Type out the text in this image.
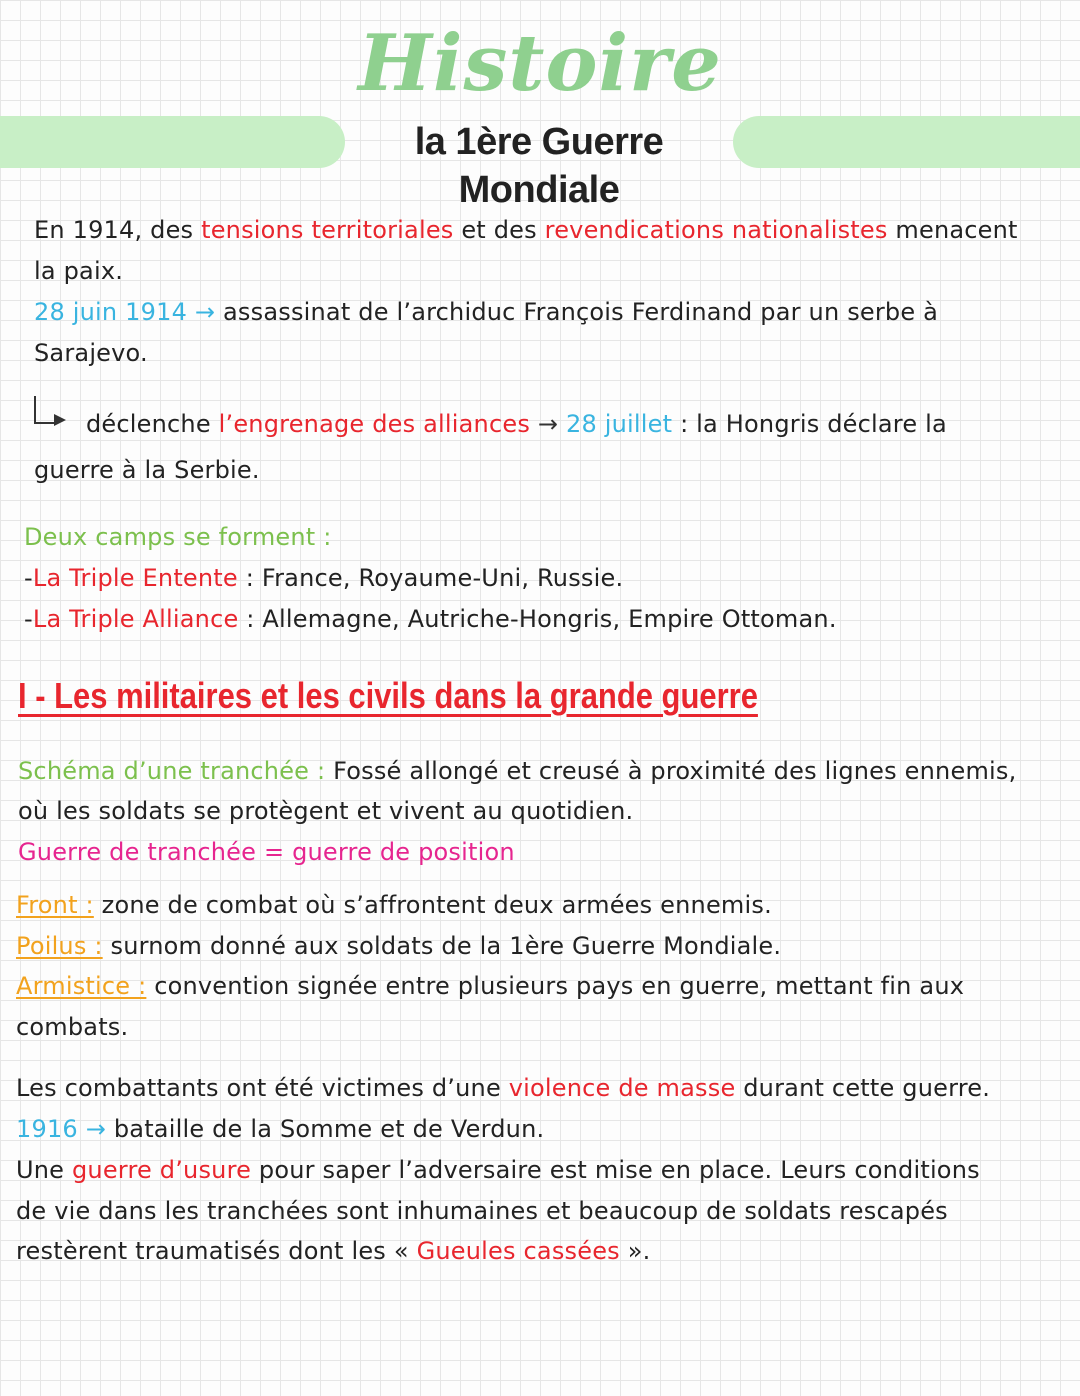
Histoire
la 1ère Guerre Mondiale
En 1914, des tensions territoriales et des revendications nationalistes menacent
la paix.
28 juin 1914 → assassinat de l’archiduc François Ferdinand par un serbe à
Sarajevo.
déclenche l’engrenage des alliances → 28 juillet : la Hongris déclare la
guerre à la Serbie.
Deux camps se forment :
-La Triple Entente : France, Royaume-Uni, Russie.
-La Triple Alliance : Allemagne, Autriche-Hongris, Empire Ottoman.
I - Les militaires et les civils dans la grande guerre
Schéma d’une tranchée : Fossé allongé et creusé à proximité des lignes ennemis,
où les soldats se protègent et vivent au quotidien.
Guerre de tranchée = guerre de position
Front : zone de combat où s’affrontent deux armées ennemis.
Poilus : surnom donné aux soldats de la 1ère Guerre Mondiale.
Armistice : convention signée entre plusieurs pays en guerre, mettant fin aux
combats.
Les combattants ont été victimes d’une violence de masse durant cette guerre.
1916 → bataille de la Somme et de Verdun.
Une guerre d’usure pour saper l’adversaire est mise en place. Leurs conditions
de vie dans les tranchées sont inhumaines et beaucoup de soldats rescapés
restèrent traumatisés dont les « Gueules cassées ».
